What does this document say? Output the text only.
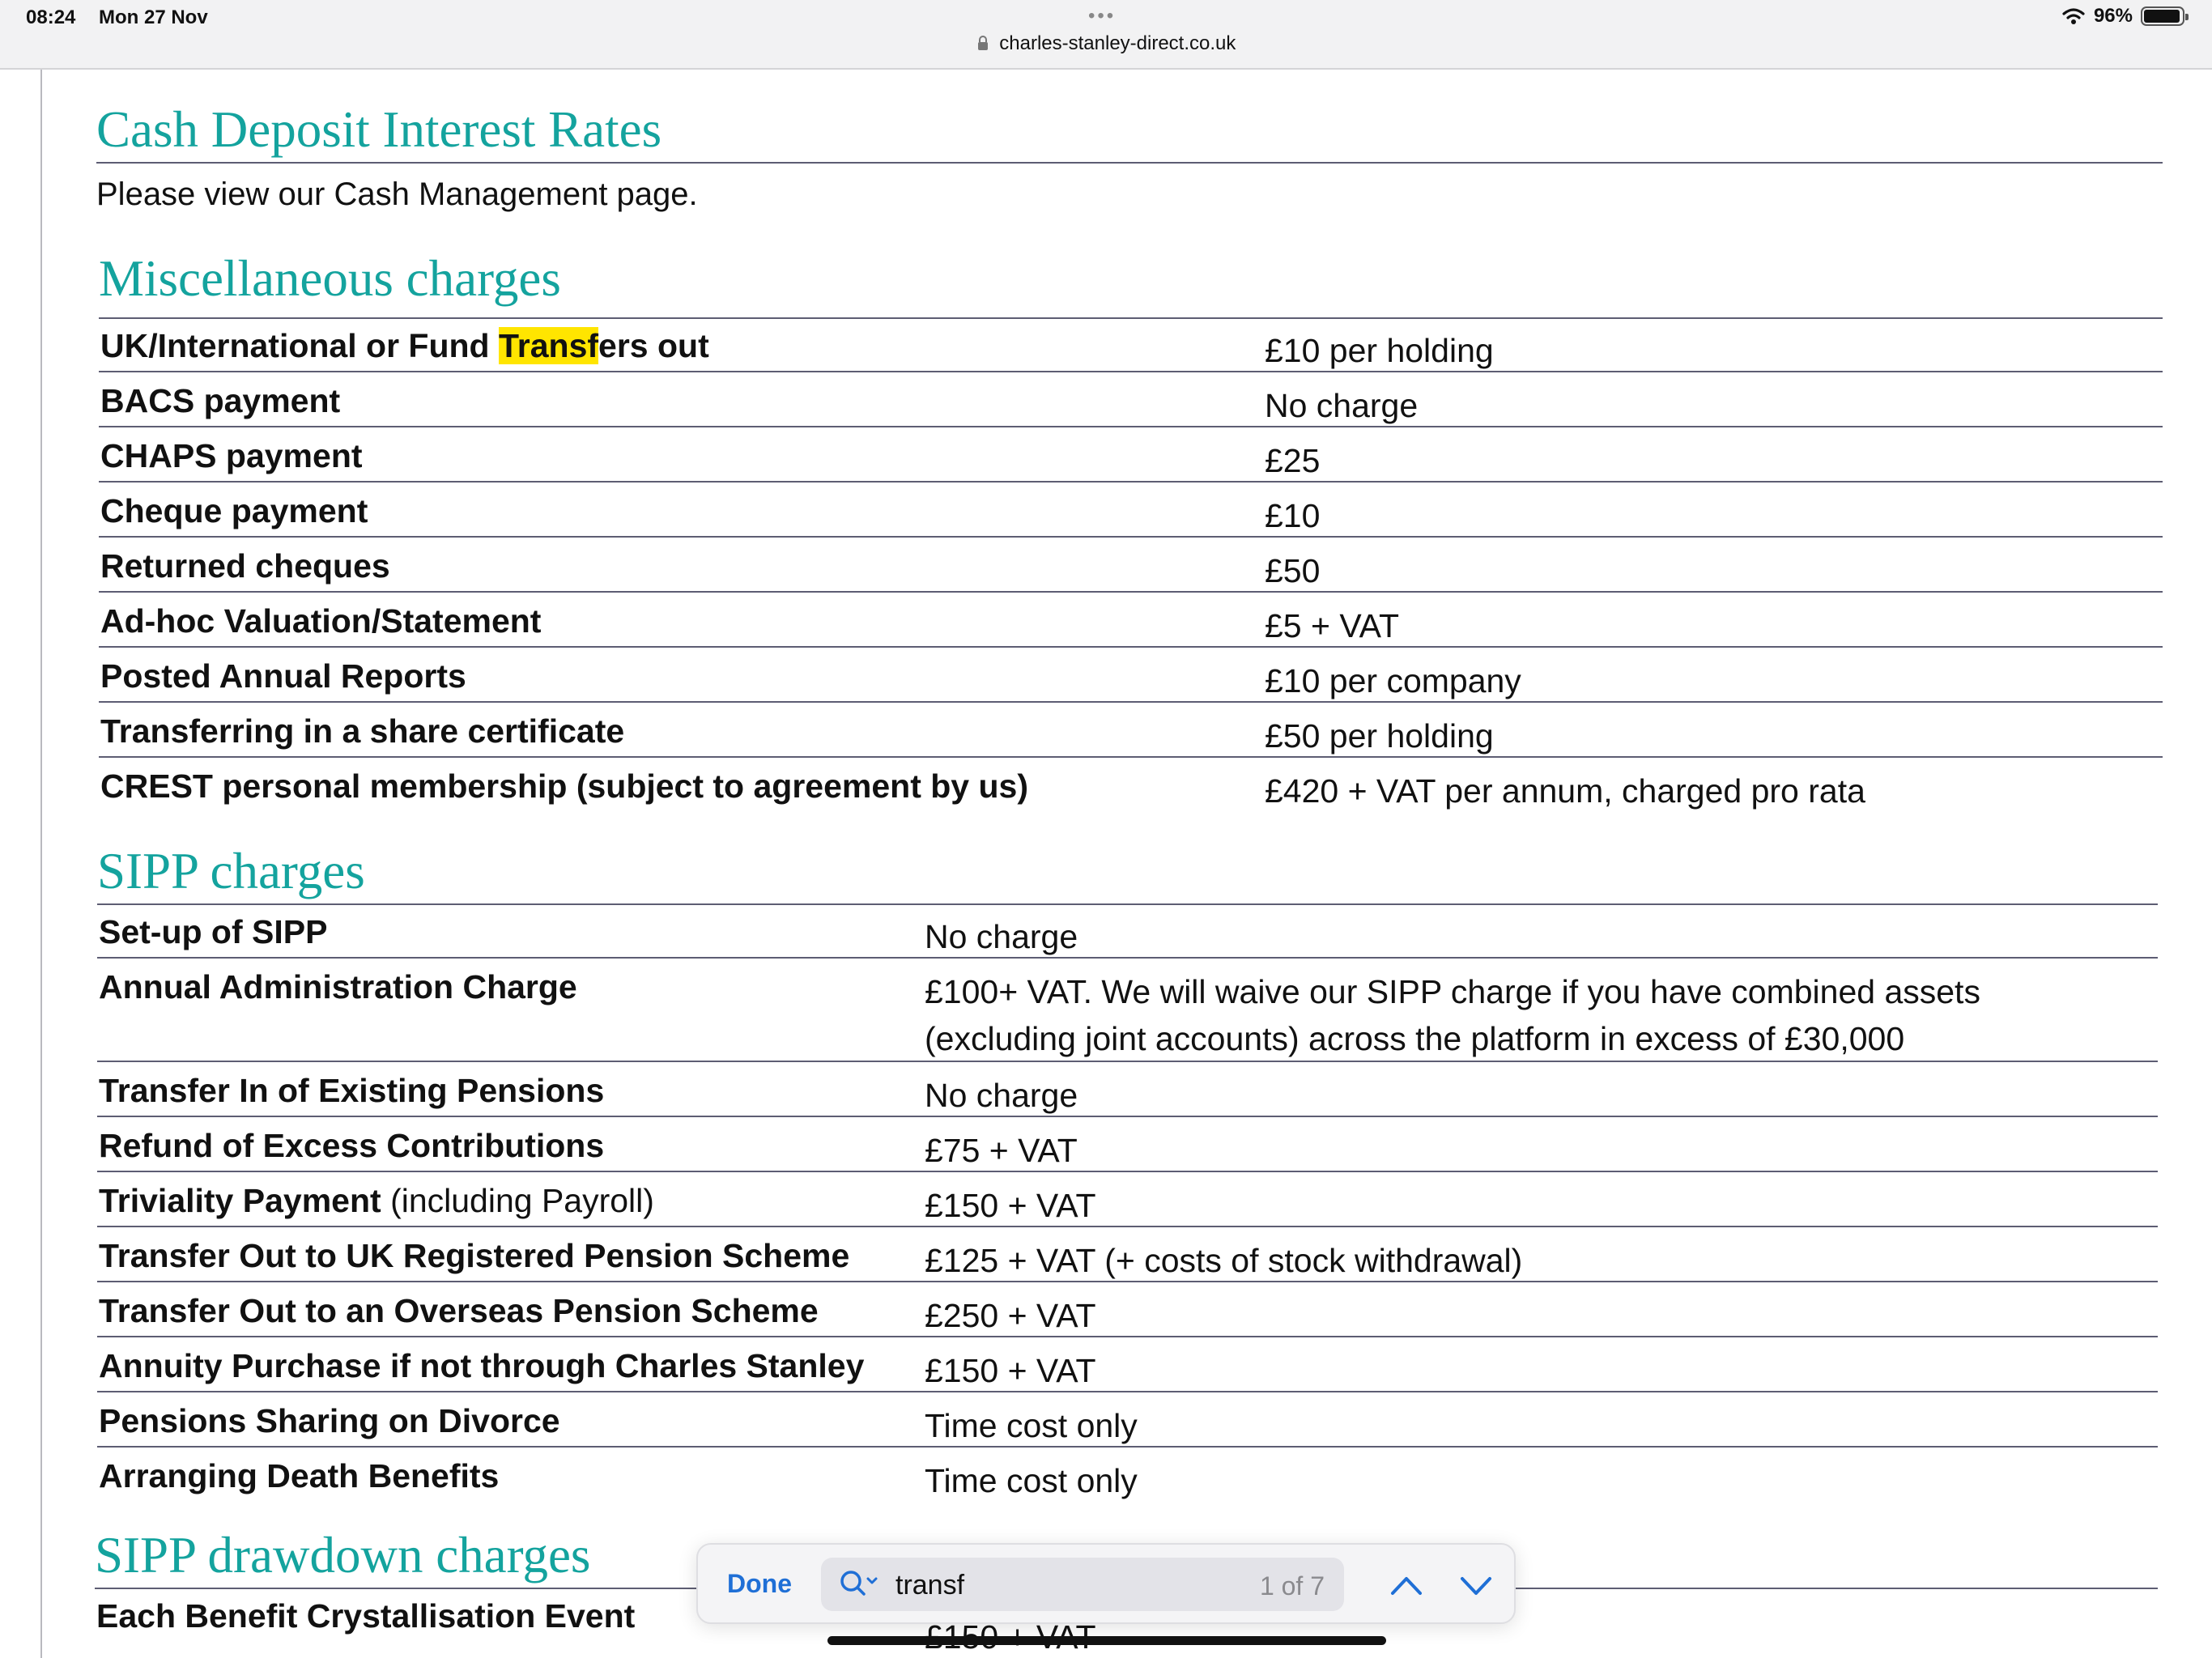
08:24 Mon 27 Nov	•••	96%
charles-stanley-direct.co.uk
Cash Deposit Interest Rates
Please view our Cash Management page.
Miscellaneous charges
UK/International or Fund Transfers out	£10 per holding
BACS payment	No charge
CHAPS payment	£25
Cheque payment	£10
Returned cheques	£50
Ad-hoc Valuation/Statement	£5 + VAT
Posted Annual Reports	£10 per company
Transferring in a share certificate	£50 per holding
CREST personal membership (subject to agreement by us)	£420 + VAT per annum, charged pro rata
SIPP charges
Set-up of SIPP	No charge
Annual Administration Charge	£100+ VAT. We will waive our SIPP charge if you have combined assets (excluding joint accounts) across the platform in excess of £30,000
Transfer In of Existing Pensions	No charge
Refund of Excess Contributions	£75 + VAT
Triviality Payment (including Payroll)	£150 + VAT
Transfer Out to UK Registered Pension Scheme £125 + VAT (+ costs of stock withdrawal)
Transfer Out to an Overseas Pension Scheme	£250 + VAT
Annuity Purchase if not through Charles Stanley £150 + VAT
Pensions Sharing on Divorce	Time cost only
Arranging Death Benefits	Time cost only
SIPP drawdown charges
Each Benefit Crystallisation Event
Done	transf	1 of 7
